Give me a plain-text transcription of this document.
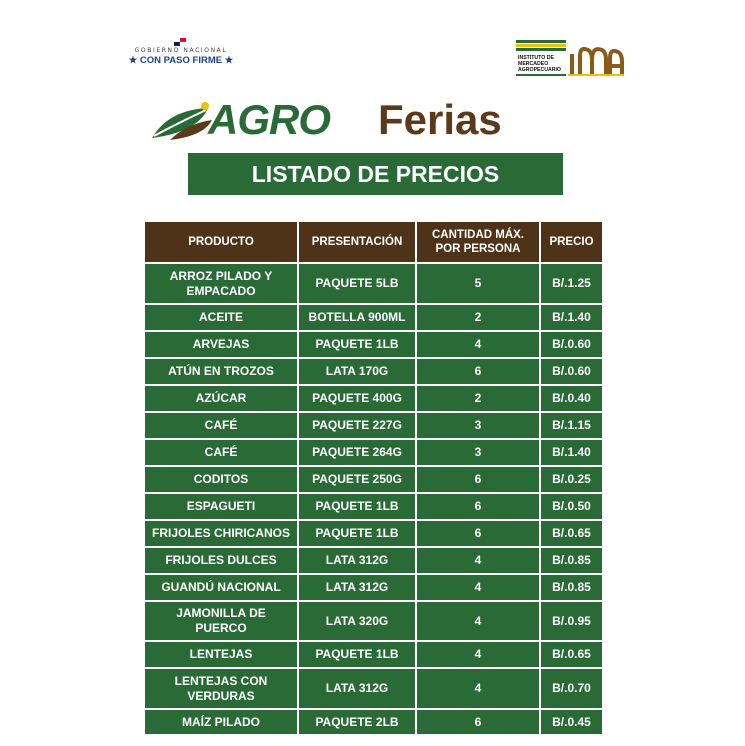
GOBIERNO NACIONAL
★ CON PASO FIRME ★	INSTITUTO DE MERCADEO AGROPECUARIO
AGRO Ferias
LISTADO DE PRECIOS
PRODUCTO	PRESENTACIÓN	CANTIDAD MÁX. POR PERSONA	PRECIO
ARROZ PILADO Y EMPACADO	PAQUETE 5LB	5	B/.1.25
ACEITE	BOTELLA 900ML	2	B/.1.40
ARVEJAS	PAQUETE 1LB	4	B/.0.60
ATÚN EN TROZOS	LATA 170G	6	B/.0.60
AZÚCAR	PAQUETE 400G	2	B/.0.40
CAFÉ	PAQUETE 227G	3	B/.1.15
CAFÉ	PAQUETE 264G	3	B/.1.40
CODITOS	PAQUETE 250G	6	B/.0.25
ESPAGUETI	PAQUETE 1LB	6	B/.0.50
FRIJOLES CHIRICANOS	PAQUETE 1LB	6	B/.0.65
FRIJOLES DULCES	LATA 312G	4	B/.0.85
GUANDÚ NACIONAL	LATA 312G	4	B/.0.85
JAMONILLA DE PUERCO	LATA 320G	4	B/.0.95
LENTEJAS	PAQUETE 1LB	4	B/.0.65
LENTEJAS CON VERDURAS	LATA 312G	4	B/.0.70
MAÍZ PILADO	PAQUETE 2LB	6	B/.0.45
